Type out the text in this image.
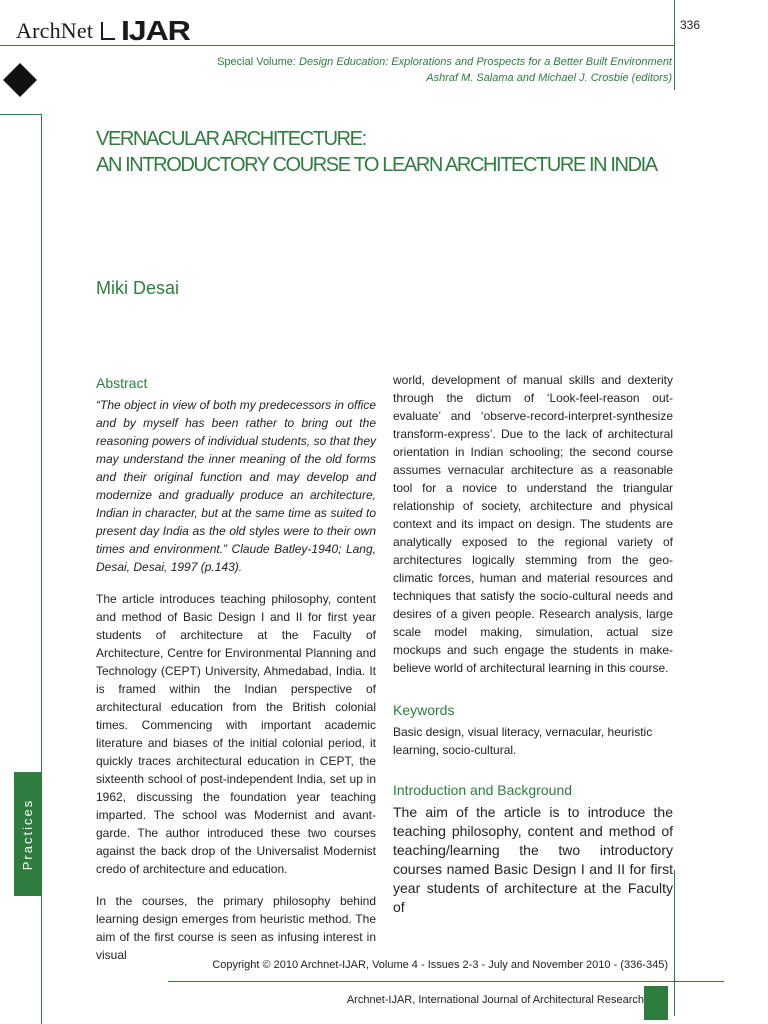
ArchNet IJAR	336
Special Volume: Design Education: Explorations and Prospects for a Better Built Environment
Ashraf M. Salama and Michael J. Crosbie (editors)
Practices
VERNACULAR ARCHITECTURE:
AN INTRODUCTORY COURSE TO LEARN ARCHITECTURE IN INDIA
Miki Desai
Abstract

“The object in view of both my predecessors in office and by myself has been rather to bring out the reasoning powers of individual students, so that they may understand the inner meaning of the old forms and their original function and may develop and modernize and gradually produce an architecture, Indian in character, but at the same time as suited to present day India as the old styles were to their own times and environment.” Claude Batley-1940; Lang, Desai, Desai, 1997 (p.143).

The article introduces teaching philosophy, content and method of Basic Design I and II for first year students of architecture at the Faculty of Architecture, Centre for Environmental Planning and Technology (CEPT) University, Ahmedabad, India. It is framed within the Indian perspective of architectural education from the British colonial times. Commencing with important academic literature and biases of the initial colonial period, it quickly traces architectural education in CEPT, the sixteenth school of post-independent India, set up in 1962, discussing the foundation year teaching imparted. The school was Modernist and avant-garde. The author introduced these two courses against the back drop of the Universalist Modernist credo of architecture and education.

In the courses, the primary philosophy behind learning design emerges from heuristic method. The aim of the first course is seen as infusing interest in visual

world, development of manual skills and dexterity through the dictum of ‘Look-feel-reason out-evaluate’ and ‘observe-record-interpret-synthesize transform-express’. Due to the lack of architectural orientation in Indian schooling; the second course assumes vernacular architecture as a reasonable tool for a novice to understand the triangular relationship of society, architecture and physical context and its impact on design. The students are analytically exposed to the regional variety of architectures logically stemming from the geo-climatic forces, human and material resources and techniques that satisfy the socio-cultural needs and desires of a given people. Research analysis, large scale model making, simulation, actual size mockups and such engage the students in make-believe world of architectural learning in this course.

Keywords

Basic design, visual literacy, vernacular, heuristic learning, socio-cultural.

Introduction and Background

The aim of the article is to introduce the teaching philosophy, content and method of teaching/learning the two introductory courses named Basic Design I and II for first year students of architecture at the Faculty of

Copyright © 2010 Archnet-IJAR, Volume 4 - Issues 2-3 - July and November 2010 - (336-345)
Archnet-IJAR, International Journal of Architectural Research
